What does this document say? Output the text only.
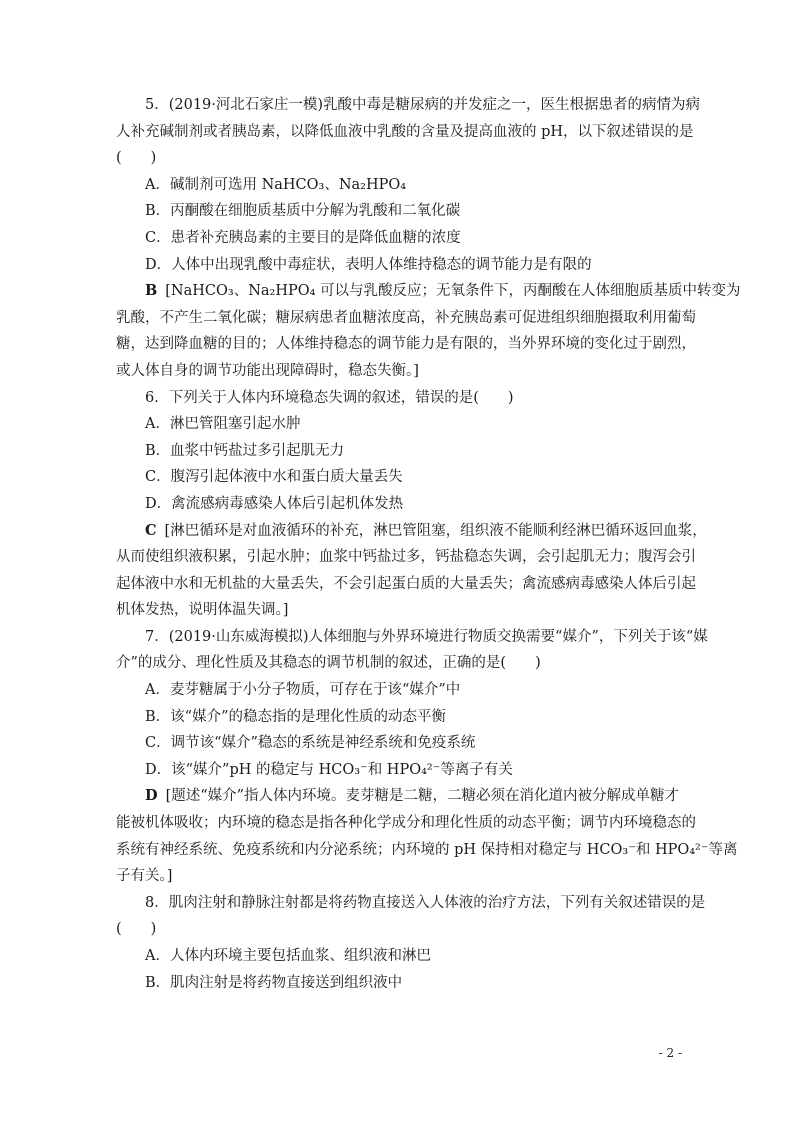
5．(2019·河北石家庄一模)乳酸中毒是糖尿病的并发症之一，医生根据患者的病情为病
人补充碱制剂或者胰岛素，以降低血液中乳酸的含量及提高血液的 pH，以下叙述错误的是
(　　)
A．碱制剂可选用 NaHCO₃、Na₂HPO₄
B．丙酮酸在细胞质基质中分解为乳酸和二氧化碳
C．患者补充胰岛素的主要目的是降低血糖的浓度
D．人体中出现乳酸中毒症状，表明人体维持稳态的调节能力是有限的
B [NaHCO₃、Na₂HPO₄ 可以与乳酸反应；无氧条件下，丙酮酸在人体细胞质基质中转变为
乳酸，不产生二氧化碳；糖尿病患者血糖浓度高，补充胰岛素可促进组织细胞摄取利用葡萄
糖，达到降血糖的目的；人体维持稳态的调节能力是有限的，当外界环境的变化过于剧烈，
或人体自身的调节功能出现障碍时，稳态失衡。]
6．下列关于人体内环境稳态失调的叙述，错误的是(　　)
A．淋巴管阻塞引起水肿
B．血浆中钙盐过多引起肌无力
C．腹泻引起体液中水和蛋白质大量丢失
D．禽流感病毒感染人体后引起机体发热
C [淋巴循环是对血液循环的补充，淋巴管阻塞，组织液不能顺利经淋巴循环返回血浆，
从而使组织液积累，引起水肿；血浆中钙盐过多，钙盐稳态失调，会引起肌无力；腹泻会引
起体液中水和无机盐的大量丢失，不会引起蛋白质的大量丢失；禽流感病毒感染人体后引起
机体发热，说明体温失调。]
7．(2019·山东威海模拟)人体细胞与外界环境进行物质交换需要“媒介”，下列关于该“媒
介”的成分、理化性质及其稳态的调节机制的叙述，正确的是(　　)
A．麦芽糖属于小分子物质，可存在于该“媒介”中
B．该“媒介”的稳态指的是理化性质的动态平衡
C．调节该“媒介”稳态的系统是神经系统和免疫系统
D．该“媒介”pH 的稳定与 HCO₃⁻和 HPO₄²⁻等离子有关
D [题述“媒介”指人体内环境。麦芽糖是二糖，二糖必须在消化道内被分解成单糖才
能被机体吸收；内环境的稳态是指各种化学成分和理化性质的动态平衡；调节内环境稳态的
系统有神经系统、免疫系统和内分泌系统；内环境的 pH 保持相对稳定与 HCO₃⁻和 HPO₄²⁻等离
子有关。]
8．肌肉注射和静脉注射都是将药物直接送入人体液的治疗方法，下列有关叙述错误的是
(　　)
A．人体内环境主要包括血浆、组织液和淋巴
B．肌肉注射是将药物直接送到组织液中
- 2 -
